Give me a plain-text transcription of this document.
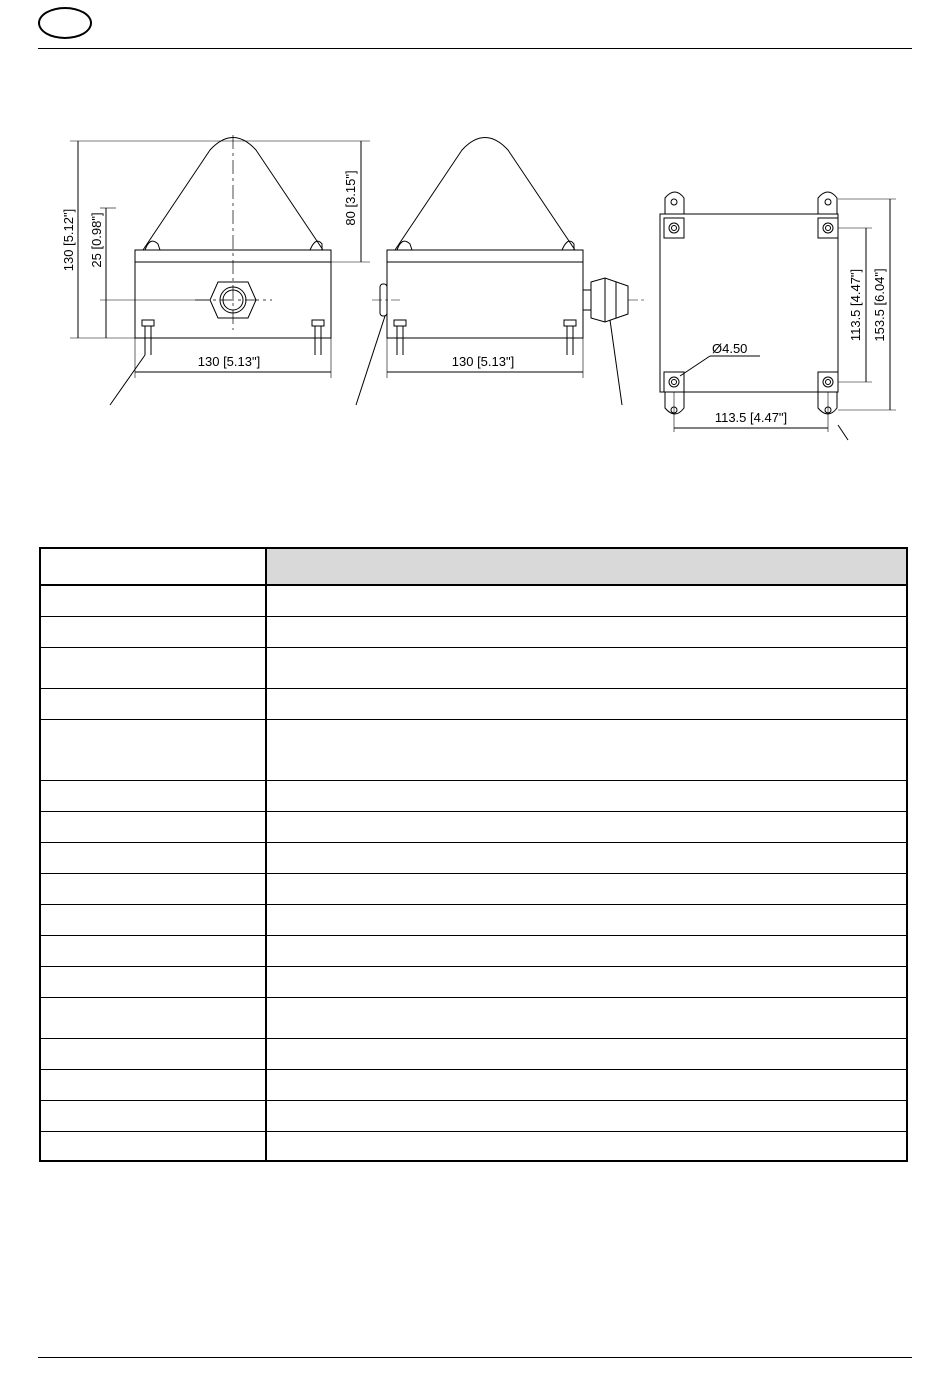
130 [5.12"] 25 [0.98"]
130 [5.13"]
80 [3.15"]
130 [5.13"]
Ø4.50
113.5 [4.47"]
113.5 [4.47"] 153.5 [6.04"]
